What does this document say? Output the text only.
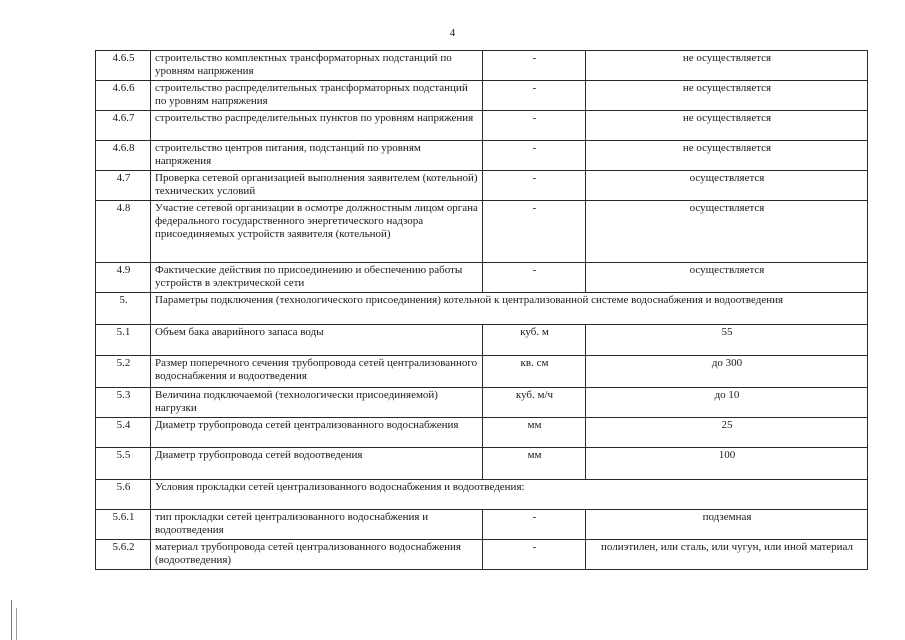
4
4.6.5	строительство комплектных трансформаторных подстанций по уровням напряжения	-	не осуществляется
4.6.6	строительство распределительных трансформаторных подстанций по уровням напряжения	-	не осуществляется
4.6.7	строительство распределительных пунктов по уровням напряжения	-	не осуществляется
4.6.8	строительство центров питания, подстанций по уровням напряжения	-	не осуществляется
4.7	Проверка сетевой организацией выполнения заявителем (котельной) технических условий	-	осуществляется
4.8	Участие сетевой организации в осмотре должностным лицом органа федерального государственного энергетического надзора присоединяемых устройств заявителя (котельной)	-	осуществляется
4.9	Фактические действия по присоединению и обеспечению работы устройств в электрической сети	-	осуществляется
5.	Параметры подключения (технологического присоединения) котельной к централизованной системе водоснабжения и водоотведения		
5.1	Объем бака аварийного запаса воды	куб. м	55
5.2	Размер поперечного сечения трубопровода сетей централизованного водоснабжения и водоотведения	кв. см	до 300
5.3	Величина подключаемой (технологически присоединяемой) нагрузки	куб. м/ч	до 10
5.4	Диаметр трубопровода сетей централизованного водоснабжения	мм	25
5.5	Диаметр трубопровода сетей водоотведения	мм	100
5.6	Условия прокладки сетей централизованного водоснабжения и водоотведения:		
5.6.1	тип прокладки сетей централизованного водоснабжения и водоотведения	-	подземная
5.6.2	материал трубопровода сетей централизованного водоснабжения (водоотведения)	-	полиэтилен, или сталь, или чугун, или иной материал
